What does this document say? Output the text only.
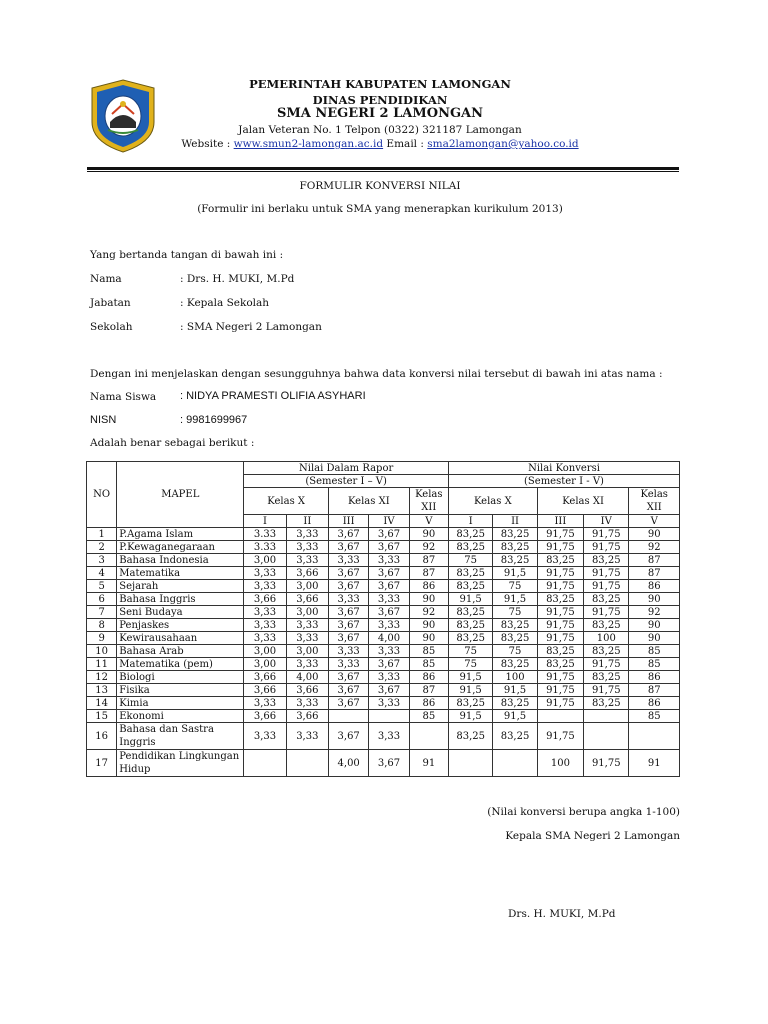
PEMERINTAH KABUPATEN LAMONGAN
DINAS PENDIDIKAN
SMA NEGERI 2 LAMONGAN
Jalan Veteran No. 1 Telpon (0322) 321187 Lamongan
Website : www.smun2-lamongan.ac.id Email : sma2lamongan@yahoo.co.id
FORMULIR KONVERSI NILAI
(Formulir ini berlaku untuk SMA yang menerapkan kurikulum 2013)
Yang bertanda tangan di bawah ini :
Nama	: Drs. H. MUKI, M.Pd
Jabatan	: Kepala Sekolah
Sekolah	: SMA Negeri 2 Lamongan
Dengan ini menjelaskan dengan sesungguhnya bahwa data konversi nilai tersebut di bawah ini atas nama :
Nama Siswa : NIDYA PRAMESTI OLIFIA ASYHARI
NISN	: 9981699967
Adalah benar sebagai berikut :
NO	MAPEL	Nilai Dalam Rapor					Nilai Konversi				
		(Semester I – V)					(Semester I - V)				
		Kelas X		Kelas XI		Kelas XII	Kelas X		Kelas XI		Kelas XII
		I	II	III	IV	V	I	II	III	IV	V
1	P.Agama Islam	3.33	3,33	3,67	3,67	90	83,25	83,25	91,75	91,75	90
2	P.Kewaganegaraan	3.33	3,33	3,67	3,67	92	83,25	83,25	91,75	91,75	92
3	Bahasa Indonesia	3,00	3,33	3,33	3,33	87	75	83,25	83,25	83,25	87
4	Matematika	3,33	3,66	3,67	3,67	87	83,25	91,5	91,75	91,75	87
5	Sejarah	3,33	3,00	3,67	3,67	86	83,25	75	91,75	91,75	86
6	Bahasa Inggris	3,66	3,66	3,33	3,33	90	91,5	91,5	83,25	83,25	90
7	Seni Budaya	3,33	3,00	3,67	3,67	92	83,25	75	91,75	91,75	92
8	Penjaskes	3,33	3,33	3,67	3,33	90	83,25	83,25	91,75	83,25	90
9	Kewirausahaan	3,33	3,33	3,67	4,00	90	83,25	83,25	91,75	100	90
10	Bahasa Arab	3,00	3,00	3,33	3,33	85	75	75	83,25	83,25	85
11	Matematika (pem)	3,00	3,33	3,33	3,67	85	75	83,25	83,25	91,75	85
12	Biologi	3,66	4,00	3,67	3,33	86	91,5	100	91,75	83,25	86
13	Fisika	3,66	3,66	3,67	3,67	87	91,5	91,5	91,75	91,75	87
14	Kimia	3,33	3,33	3,67	3,33	86	83,25	83,25	91,75	83,25	86
15	Ekonomi	3,66	3,66			85	91,5	91,5			85
16	Bahasa dan Sastra Inggris	3,33	3,33	3,67	3,33		83,25	83,25	91,75		
17	Pendidikan Lingkungan Hidup			4,00	3,67	91			100	91,75	91
(Nilai konversi berupa angka 1-100)
Kepala SMA Negeri 2 Lamongan
Drs. H. MUKI, M.Pd
